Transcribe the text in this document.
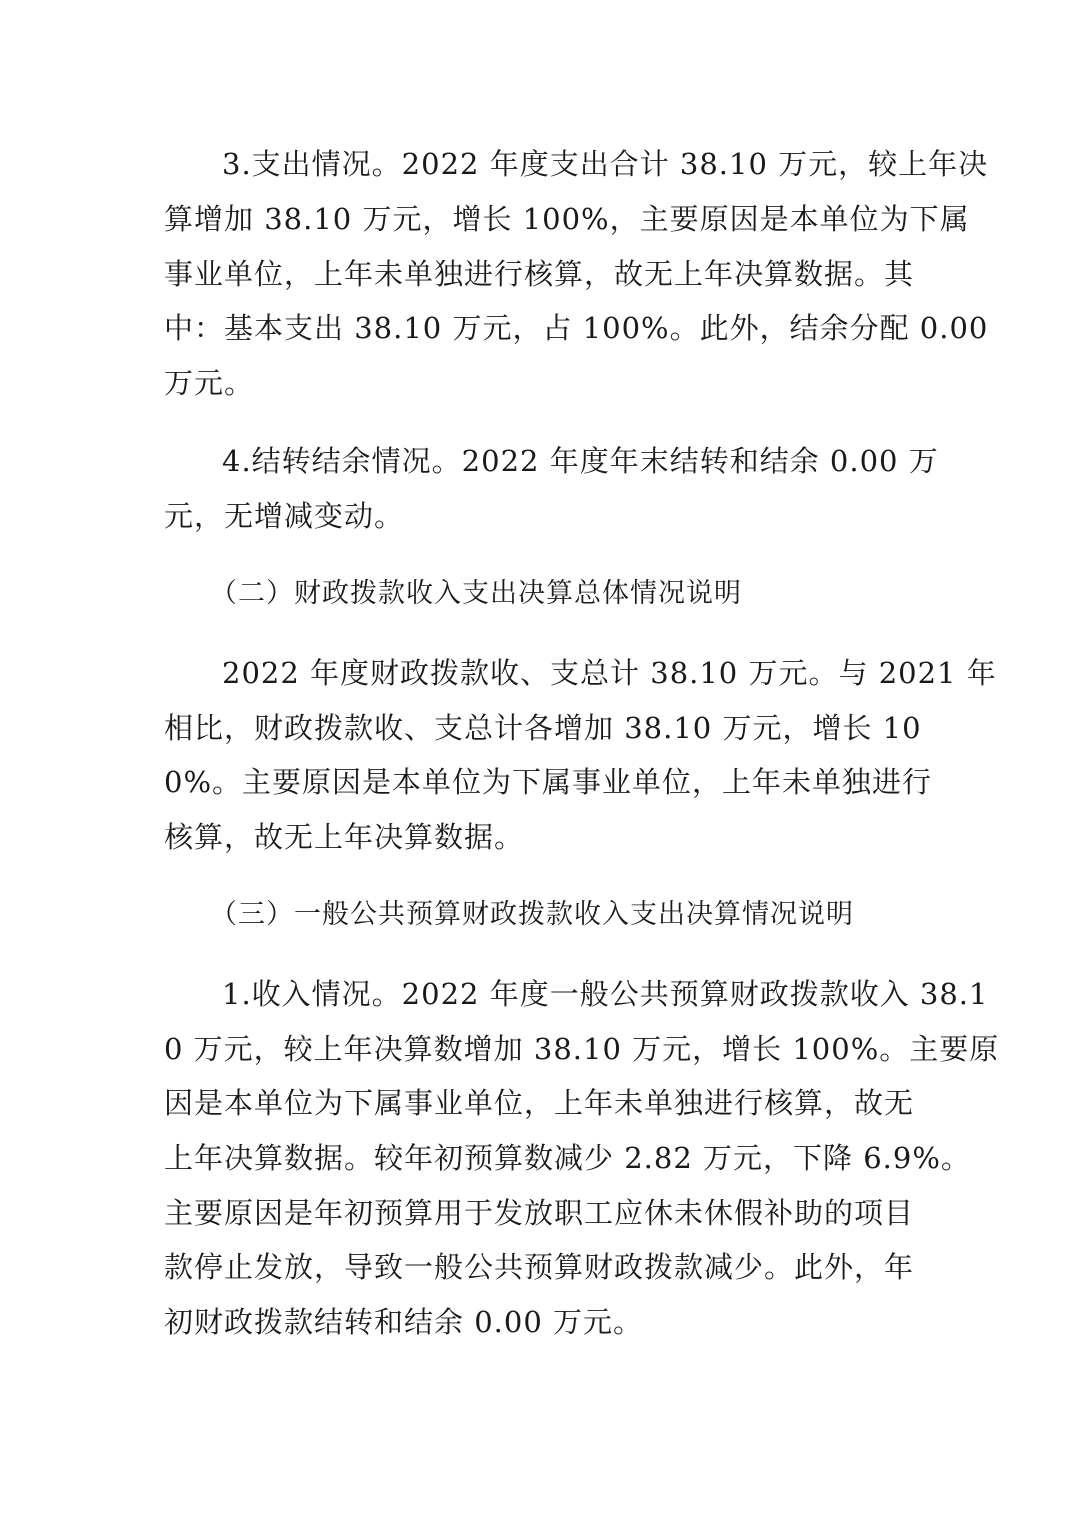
3.支出情况。2022 年度支出合计 38.10 万元，较上年决

算增加 38.10 万元，增长 100%，主要原因是本单位为下属

事业单位，上年未单独进行核算，故无上年决算数据。其

中：基本支出 38.10 万元，占 100%。此外，结余分配 0.00

万元。

4.结转结余情况。2022 年度年末结转和结余 0.00 万

元，无增减变动。

（二）财政拨款收入支出决算总体情况说明

2022 年度财政拨款收、支总计 38.10 万元。与 2021 年

相比，财政拨款收、支总计各增加 38.10 万元，增长 10

0%。主要原因是本单位为下属事业单位，上年未单独进行

核算，故无上年决算数据。

（三）一般公共预算财政拨款收入支出决算情况说明

1.收入情况。2022 年度一般公共预算财政拨款收入 38.1

0 万元，较上年决算数增加 38.10 万元，增长 100%。主要原

因是本单位为下属事业单位，上年未单独进行核算，故无

上年决算数据。较年初预算数减少 2.82 万元，下降 6.9%。

主要原因是年初预算用于发放职工应休未休假补助的项目

款停止发放，导致一般公共预算财政拨款减少。此外，年

初财政拨款结转和结余 0.00 万元。
